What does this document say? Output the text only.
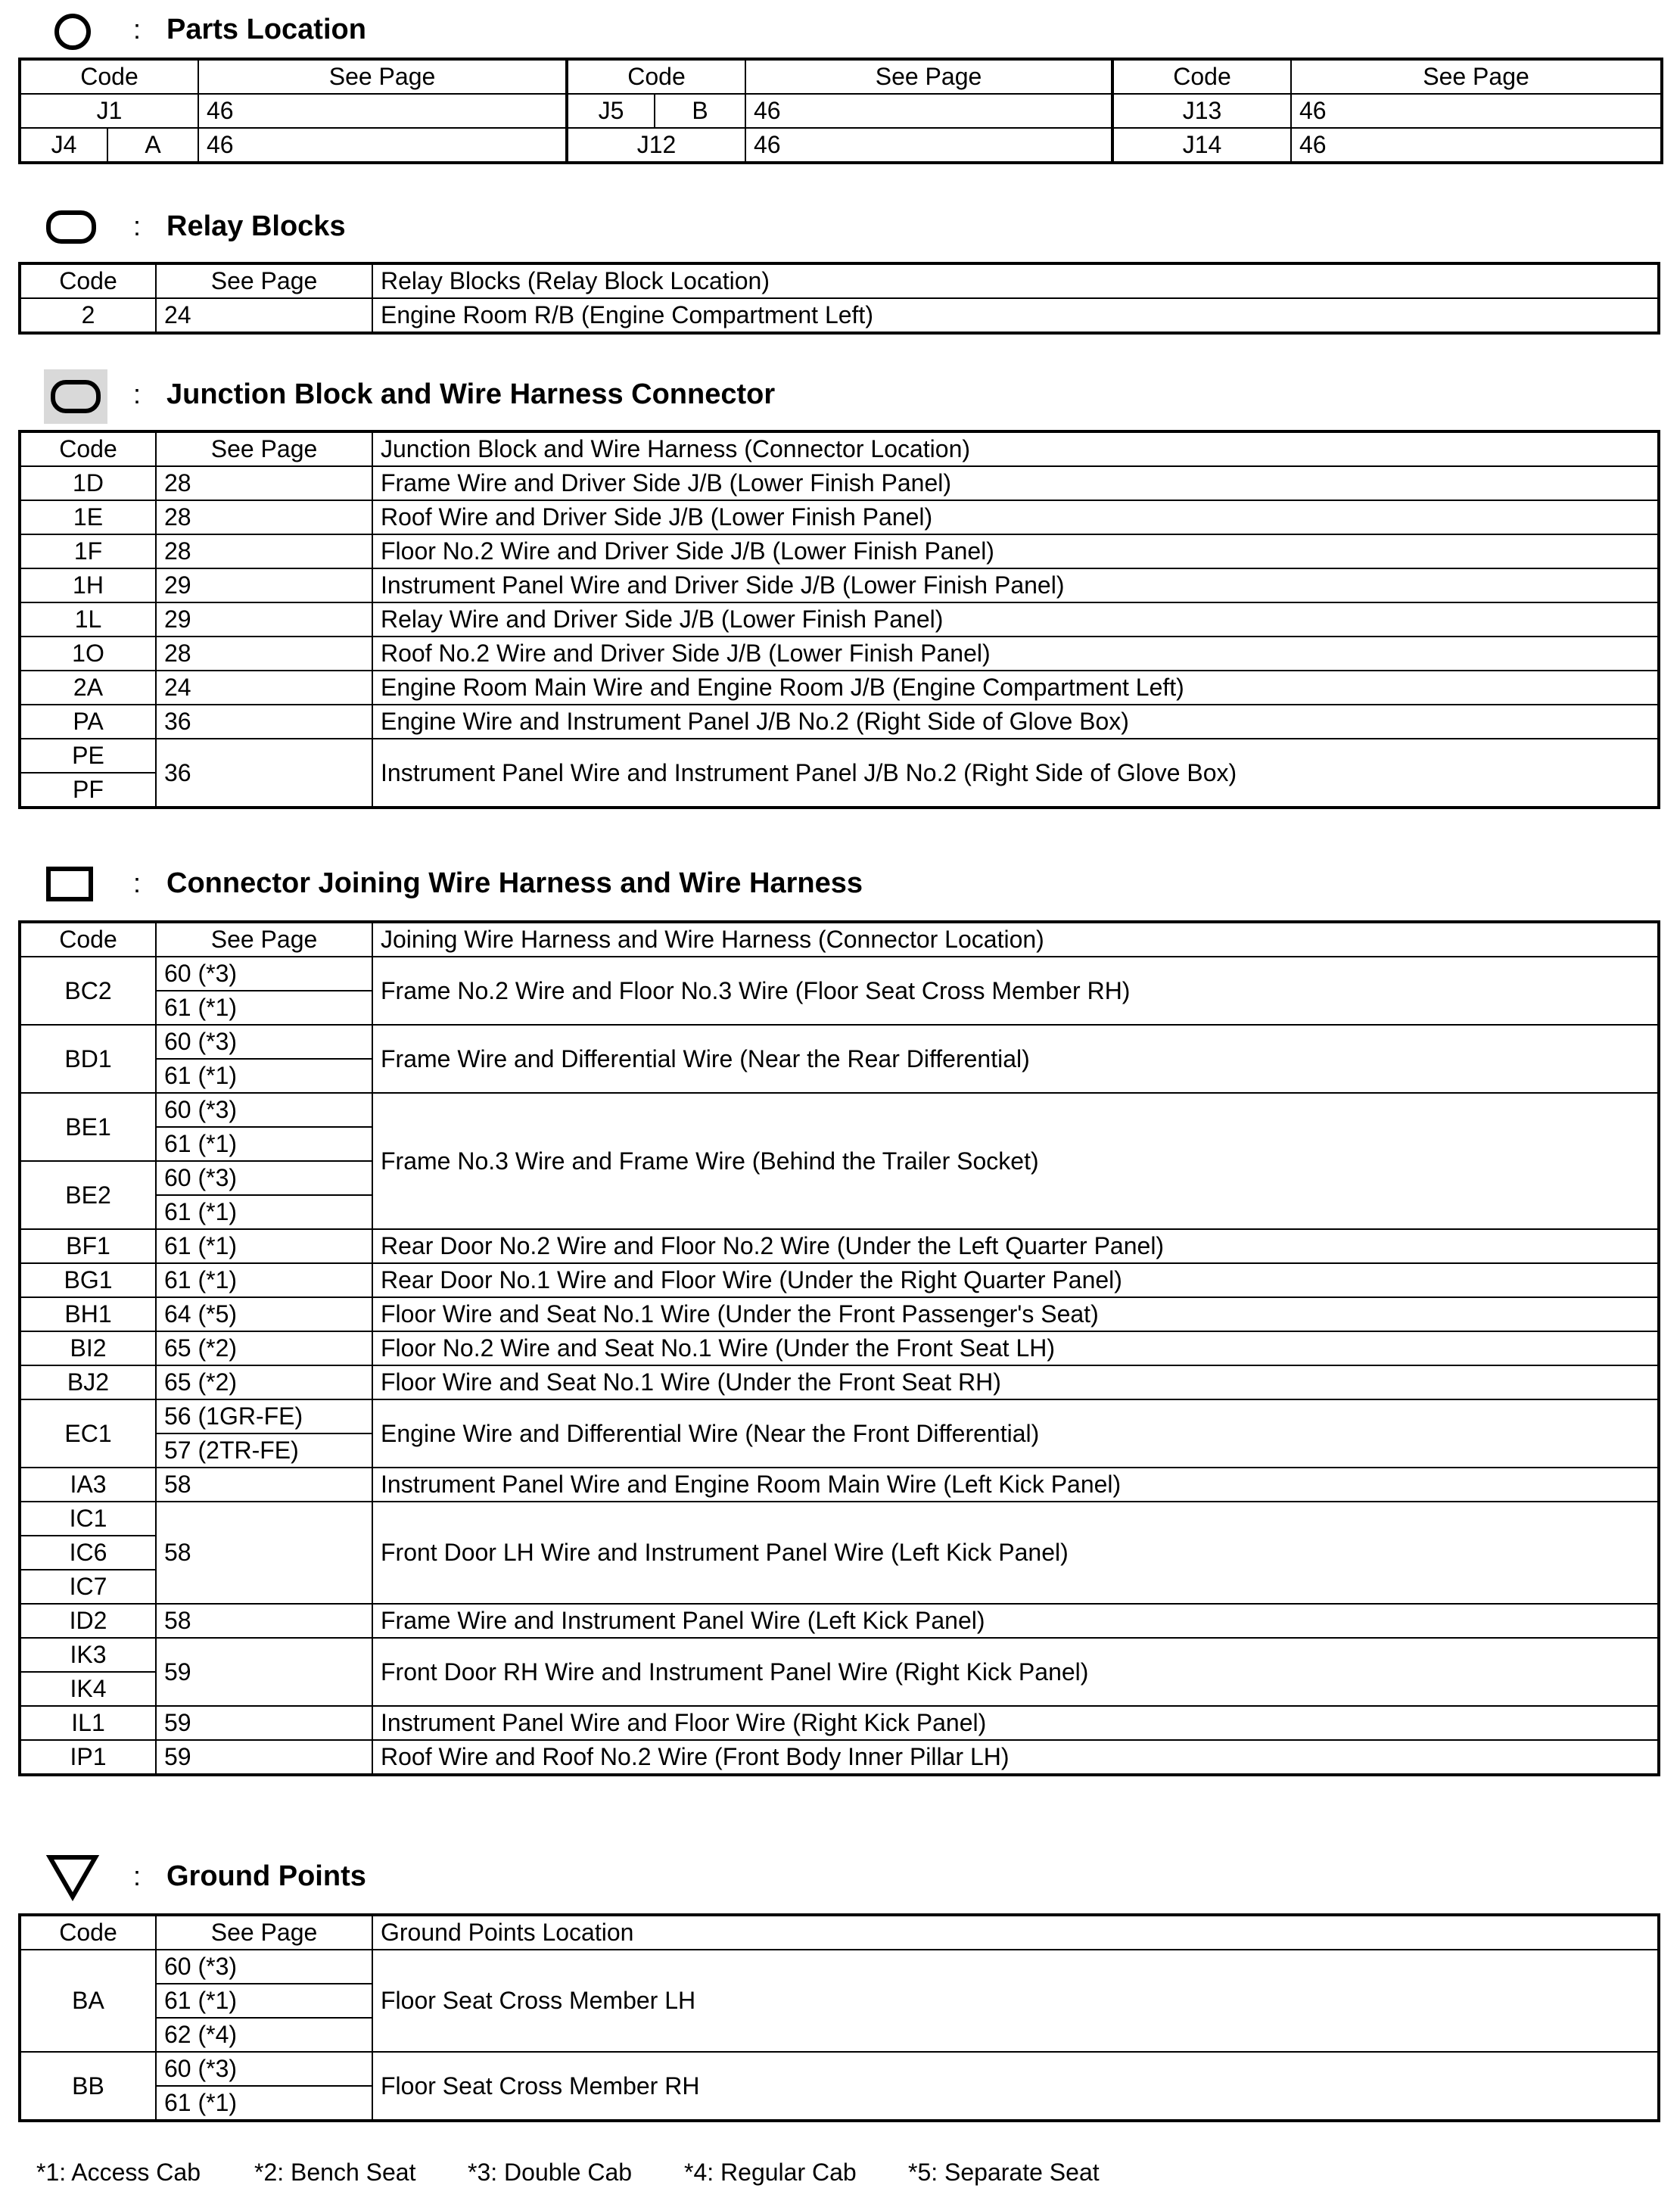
: Parts Location
Code		See Page	Code		See Page	Code	See Page
J1		46	J5	B	46	J13	46
J4	A	46	J12		46	J14	46
: Relay Blocks
Code	See Page	Relay Blocks (Relay Block Location)
2	24	Engine Room R/B (Engine Compartment Left)
: Junction Block and Wire Harness Connector
Code	See Page	Junction Block and Wire Harness (Connector Location)
1D	28	Frame Wire and Driver Side J/B (Lower Finish Panel)
1E	28	Roof Wire and Driver Side J/B (Lower Finish Panel)
1F	28	Floor No.2 Wire and Driver Side J/B (Lower Finish Panel)
1H	29	Instrument Panel Wire and Driver Side J/B (Lower Finish Panel)
1L	29	Relay Wire and Driver Side J/B (Lower Finish Panel)
1O	28	Roof No.2 Wire and Driver Side J/B (Lower Finish Panel)
2A	24	Engine Room Main Wire and Engine Room J/B (Engine Compartment Left)
PA	36	Engine Wire and Instrument Panel J/B No.2 (Right Side of Glove Box)
PE	36	Instrument Panel Wire and Instrument Panel J/B No.2 (Right Side of Glove Box)
PF		
: Connector Joining Wire Harness and Wire Harness
Code	See Page	Joining Wire Harness and Wire Harness (Connector Location)
BC2	60 (*3)	Frame No.2 Wire and Floor No.3 Wire (Floor Seat Cross Member RH)
	61 (*1)	
BD1	60 (*3)	Frame Wire and Differential Wire (Near the Rear Differential)
	61 (*1)	
BE1	60 (*3)	Frame No.3 Wire and Frame Wire (Behind the Trailer Socket)
	61 (*1)	
BE2	60 (*3)	
	61 (*1)	
BF1	61 (*1)	Rear Door No.2 Wire and Floor No.2 Wire (Under the Left Quarter Panel)
BG1	61 (*1)	Rear Door No.1 Wire and Floor Wire (Under the Right Quarter Panel)
BH1	64 (*5)	Floor Wire and Seat No.1 Wire (Under the Front Passenger's Seat)
BI2	65 (*2)	Floor No.2 Wire and Seat No.1 Wire (Under the Front Seat LH)
BJ2	65 (*2)	Floor Wire and Seat No.1 Wire (Under the Front Seat RH)
EC1	56 (1GR-FE)	Engine Wire and Differential Wire (Near the Front Differential)
	57 (2TR-FE)	
IA3	58	Instrument Panel Wire and Engine Room Main Wire (Left Kick Panel)
IC1	58	Front Door LH Wire and Instrument Panel Wire (Left Kick Panel)
IC6		
IC7		
ID2	58	Frame Wire and Instrument Panel Wire (Left Kick Panel)
IK3	59	Front Door RH Wire and Instrument Panel Wire (Right Kick Panel)
IK4		
IL1	59	Instrument Panel Wire and Floor Wire (Right Kick Panel)
IP1	59	Roof Wire and Roof No.2 Wire (Front Body Inner Pillar LH)
: Ground Points
Code	See Page	Ground Points Location
BA	60 (*3)	Floor Seat Cross Member LH
	61 (*1)	
	62 (*4)	
BB	60 (*3)	Floor Seat Cross Member RH
	61 (*1)	
*1: Access Cab *2: Bench Seat *3: Double Cab *4: Regular Cab *5: Separate Seat
